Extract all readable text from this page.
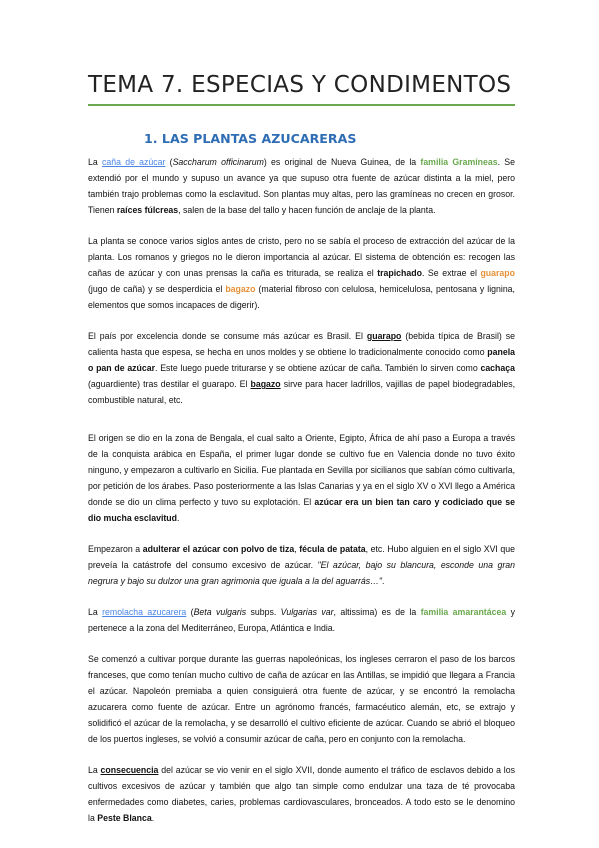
TEMA 7. ESPECIAS Y CONDIMENTOS
1. LAS PLANTAS AZUCARERAS

La caña de azúcar (Saccharum officinarum) es original de Nueva Guinea, de la familia Gramíneas. Se extendió por el mundo y supuso un avance ya que supuso otra fuente de azúcar distinta a la miel, pero también trajo problemas como la esclavitud. Son plantas muy altas, pero las gramíneas no crecen en grosor. Tienen raíces fúlcreas, salen de la base del tallo y hacen función de anclaje de la planta.

La planta se conoce varios siglos antes de cristo, pero no se sabía el proceso de extracción del azúcar de la planta. Los romanos y griegos no le dieron importancia al azúcar. El sistema de obtención es: recogen las cañas de azúcar y con unas prensas la caña es triturada, se realiza el trapichado. Se extrae el guarapo (jugo de caña) y se desperdicia el bagazo (material fibroso con celulosa, hemicelulosa, pentosana y lignina, elementos que somos incapaces de digerir).

El país por excelencia donde se consume más azúcar es Brasil. El guarapo (bebida típica de Brasil) se calienta hasta que espesa, se hecha en unos moldes y se obtiene lo tradicionalmente conocido como panela o pan de azúcar. Este luego puede triturarse y se obtiene azúcar de caña. También lo sirven como cachaça (aguardiente) tras destilar el guarapo. El bagazo sirve para hacer ladrillos, vajillas de papel biodegradables, combustible natural, etc.

El origen se dio en la zona de Bengala, el cual salto a Oriente, Egipto, África de ahí paso a Europa a través de la conquista arábica en España, el primer lugar donde se cultivo fue en Valencia donde no tuvo éxito ninguno, y empezaron a cultivarlo en Sicilia. Fue plantada en Sevilla por sicilianos que sabían cómo cultivarla, por petición de los árabes. Paso posteriormente a las Islas Canarias y ya en el siglo XV o XVI llego a América donde se dio un clima perfecto y tuvo su explotación. El azúcar era un bien tan caro y codiciado que se dio mucha esclavitud.

Empezaron a adulterar el azúcar con polvo de tiza, fécula de patata, etc. Hubo alguien en el siglo XVI que preveía la catástrofe del consumo excesivo de azúcar. "El azúcar, bajo su blancura, esconde una gran negrura y bajo su dulzor una gran agrimonia que iguala a la del aguarrás…".

La remolacha azucarera (Beta vulgaris subps. Vulgarias var, altissima) es de la familia amarantácea y pertenece a la zona del Mediterráneo, Europa, Atlántica e India.

Se comenzó a cultivar porque durante las guerras napoleónicas, los ingleses cerraron el paso de los barcos franceses, que como tenían mucho cultivo de caña de azúcar en las Antillas, se impidió que llegara a Francia el azúcar. Napoleón premiaba a quien consiguierá otra fuente de azúcar, y se encontró la remolacha azucarera como fuente de azúcar. Entre un agrónomo francés, farmacéutico alemán, etc, se extrajo y solidificó el azúcar de la remolacha, y se desarrolló el cultivo eficiente de azúcar. Cuando se abrió el bloqueo de los puertos ingleses, se volvió a consumir azúcar de caña, pero en conjunto con la remolacha.

La consecuencia del azúcar se vio venir en el siglo XVII, donde aumento el tráfico de esclavos debido a los cultivos excesivos de azúcar y también que algo tan simple como endulzar una taza de té provocaba enfermedades como diabetes, caries, problemas cardiovasculares, bronceados. A todo esto se le denomino la Peste Blanca.
